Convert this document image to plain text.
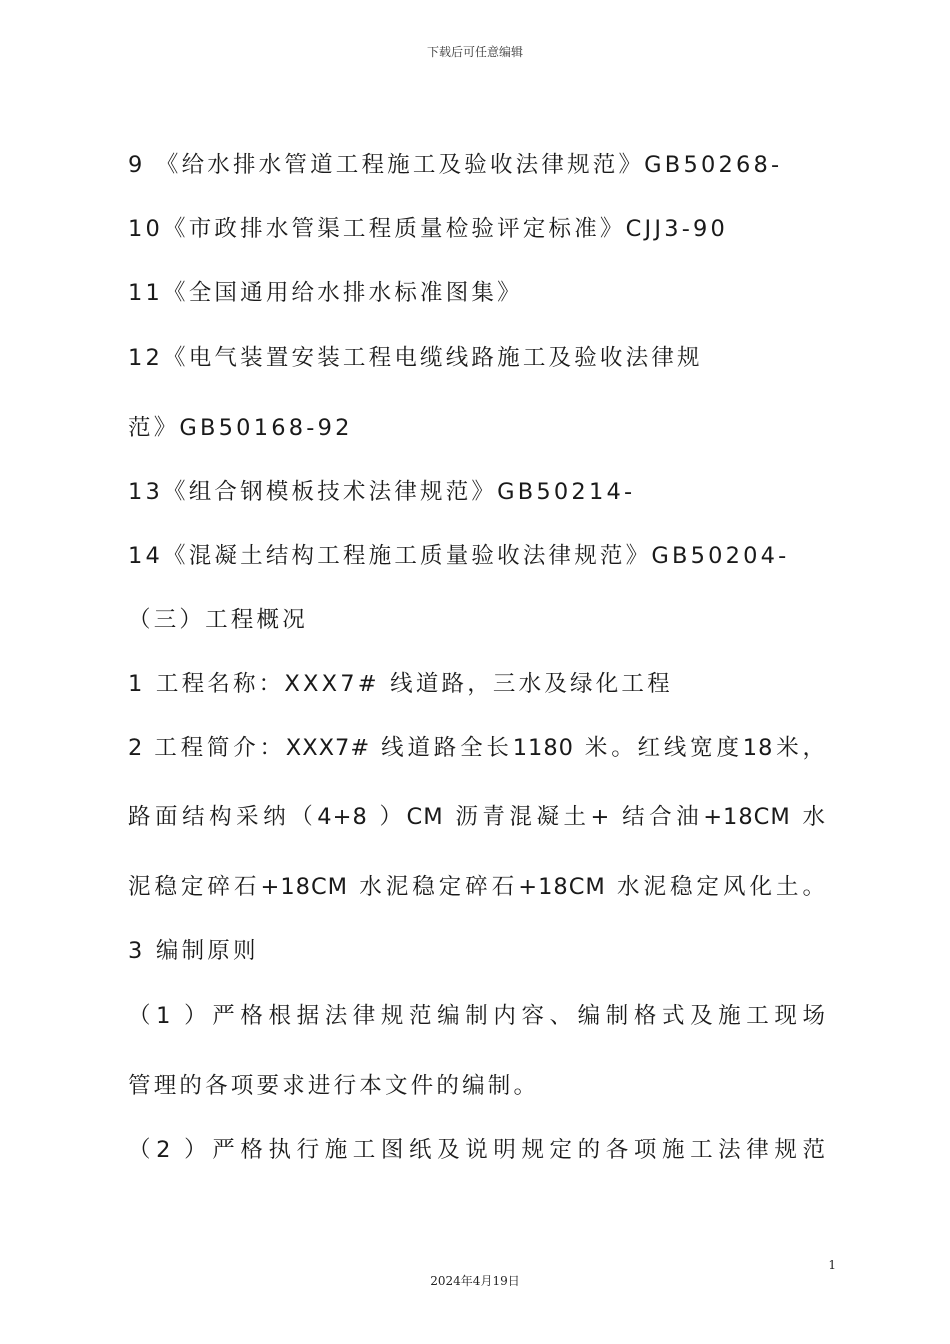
下载后可任意编辑
9 《给水排水管道工程施工及验收法律规范》GB50268-
10《市政排水管渠工程质量检验评定标准》CJJ3-90
11《全国通用给水排水标准图集》
12《电气装置安装工程电缆线路施工及验收法律规
范》GB50168-92
13《组合钢模板技术法律规范》GB50214-
14《混凝土结构工程施工质量验收法律规范》GB50204-
（三）工程概况
1 工程名称：XXX7# 线道路，三水及绿化工程
2 工程简介：XXX7# 线道路全长1180 米。红线宽度18米，
路面结构采纳（4+8 ）CM 沥青混凝土+ 结合油+18CM 水
泥稳定碎石+18CM 水泥稳定碎石+18CM 水泥稳定风化土。
3 编制原则
（1 ）严格根据法律规范编制内容、编制格式及施工现场
管理的各项要求进行本文件的编制。
（2 ）严格执行施工图纸及说明规定的各项施工法律规范
1
2024年4月19日
